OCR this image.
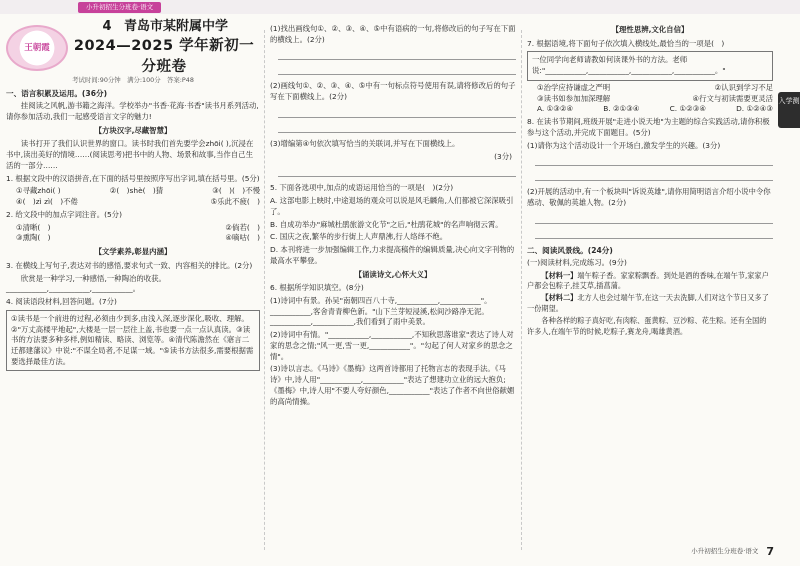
小升初招生分班卷·语文
王朝霞
4 青岛市某附属中学
2024—2025 学年新初一分班卷
考试时间:90分钟　满分:100分　答案:P48
一、语言积累及运用。(36分)
挂阅读之风帆,游书籍之海洋。学校举办"书香·花海·书香"读书月系列活动,请你参加活动,我们一起感受语言文字的魅力!
【方块汉字,尽藏智慧】
读书打开了我们认识世界的窗口。读书时我们首先要学会zhōi( ),沉浸在书中,读出美好的情境……(阅读思考)把书中的人物、场景和故事,当作自己生活的一部分……
1. 根据文段中的汉语拼音,在下面的括号里按照序写出字词,填在括号里。(5分)
①寻藏zhōi( )	②(　)shè(　)猜	③(　)(　)不慢
④(　)zì zì(　)不倦	⑤乐此不疲(　)
2. 给文段中的加点字词注音。(5分)
①清晰(　)	②倘若(　)
③熏陶(　)	④嘀咕(　)
【文学素养,彰显内涵】
3. 在横线上写句子,表达对书的感悟,要求句式一致、内容相关的排比。(2分)
欣赏是一种学习,一种感悟,一种陶冶的收获。___________,___________,___________。
4. 阅读语段材料,回答问题。(7分)
①读书是一个前进的过程,必须由少到多,由浅入深,逐步深化,吸收、理解。②"万丈高楼平地起",大楼是一层一层往上盖,书也要一点一点认真读。③读书的方法要多种多样,例如精读、略读、浏览等。④清代陈澹然在《寤言二迁都建藩议》中说:"不谋全局者,不足谋一域。"⑤读书方法很多,需要根据需要选择最佳方法。
(1)找出画线句①、②、③、④、⑤中有语病的一句,将修改后的句子写在下面的横线上。(2分)
(2)画线句①、②、③、④、⑤中有一句标点符号使用有误,请将修改后的句子写在下面横线上。(2分)
(3)增编第④句依次填写恰当的关联词,并写在下面横线上。
(3分)
5. 下面各选项中,加点的成语运用恰当的一项是(　)(2分)
A. 这部电影上映时,中途退场的观众可以说是风毛麟角,人们都被它深深吸引了。
B. 自成功举办"麻城杜鹃旅游文化节"之后,"杜鹃花城"的名声响彻云霄。
C. 国庆之夜,繁华的步行街上人声鼎沸,行人络绎不绝。
D. 本刊将进一步加强编辑工作,力求提高稿件的编辑质量,决心向文字刊物的最高水平攀登。
【诵读诗文,心怀大义】
6. 根据所学知识填空。(8分)
(1)诗词中有景。孙吴"南朝四百八十寺,___________,___________"。___________,客舍青青柳色新。"山下兰芽短浸溪,松间沙路净无泥。___________,___________,我们看到了雨中美景。
(2)诗词中有情。"___________,___________,不知秋思落谁家"表达了诗人对家的思念之情;"风一更,雪一更,___________"。"勾起了何人对家乡的思念之情"。
(3)诗以言志。《马诗》《墨梅》这两首诗都用了托物言志的表现手法。《马诗》中,诗人用"___________,___________"表达了想建功立业的远大抱负;《墨梅》中,诗人用"不要人夸好颜色,___________"表达了作者不向世俗献媚的高尚情操。
【理性思辨,文化自信】
7. 根据语境,将下面句子依次填入横线处,最恰当的一项是(　)
一位同学向老师请教如何读课外书的方法。老师说:"___________,___________,___________,___________。"
①治学应持谦虚之严明	②认识到学习不足
③读书如参加加深理解	④行文与初读需要更灵活
A. ①③②④	B. ②①③④	C. ①②③④	D. ①②④③
8. 在读书节期间,班级开展"走进小说天地"为主题的综合实践活动,请你积极参与这个活动,并完成下面题目。(5分)
(1)请你为这个活动设计一个开场白,激发学生的兴趣。(3分)
(2)开展的活动中,有一个板块叫"诉说英雄",请你用简明语言介绍小说中令你感动、敬佩的英雄人物。(2分)
二、阅读风景线。(24分)
(一)阅读材料,完成练习。(9分)
【材料一】端午粽子香。家家粽飘香。到处是酒的香味,在端午节,家家户户都会包粽子,挂艾草,插菖蒲。
【材料二】北方人也会过端午节,在这一天去洗脚,人们对这个节日又多了一份期望。
各种各样的粽子真好吃,有肉粽、蛋黄粽、豆沙粽、花生粽。还有全国的许多人,在端午节的时候,吃粽子,赛龙舟,喝雄黄酒。
入学测
小升初招生分班卷·语文 7
